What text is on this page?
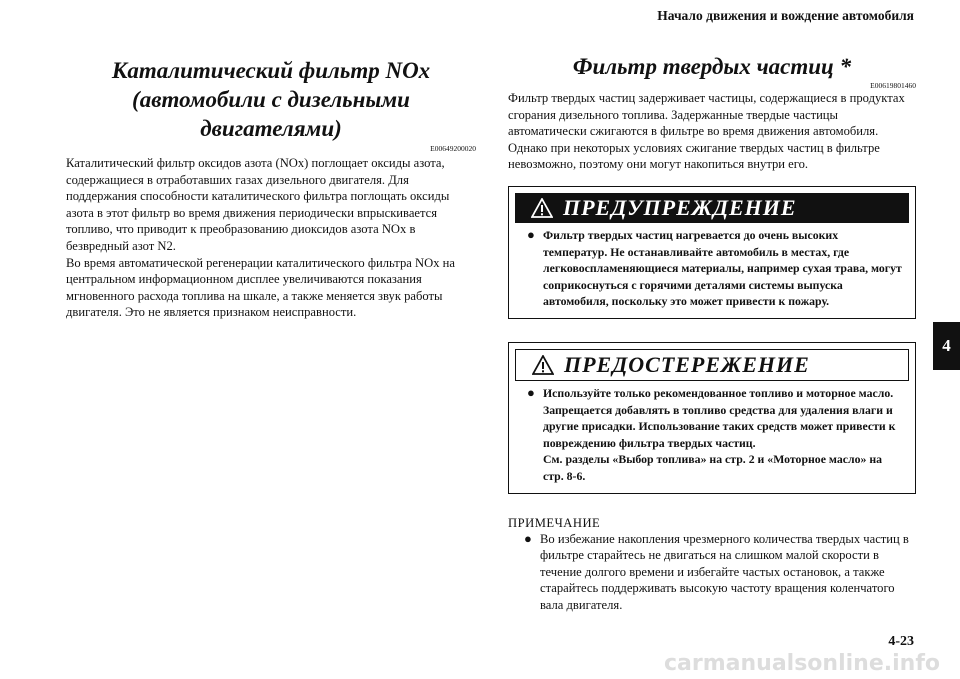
Начало движения и вождение автомобиля
4
Каталитический фильтр NOx
(автомобили с дизельными двигателями)
E00649200020

Каталитический фильтр оксидов азота (NOx) поглощает оксиды азота, содержащиеся в отработавших газах дизельного двигателя. Для поддержания способности каталитического фильтра поглощать оксиды азота в этот фильтр во время движения периодически впрыскивается топливо, что приводит к преобразованию диоксидов азота NOx в безвредный азот N2.
Во время автоматической регенерации каталитического фильтра NOx на центральном информационном дисплее увеличиваются показания мгновенного расхода топлива на шкале, а также меняется звук работы двигателя. Это не является признаком неисправности.

Фильтр твердых частиц *
E00619801460

Фильтр твердых частиц задерживает частицы, содержащиеся в продуктах сгорания дизельного топлива. Задержанные твердые частицы автоматически сжигаются в фильтре во время движения автомобиля. Однако при некоторых условиях сжигание твердых частиц в фильтре невозможно, поэтому они могут накопиться внутри его.

ПРЕДУПРЕЖДЕНИЕ
● Фильтр твердых частиц нагревается до очень высоких температур. Не останавливайте автомобиль в местах, где легковоспламеняющиеся материалы, например сухая трава, могут соприкоснуться с горячими деталями системы выпуска автомобиля, поскольку это может привести к пожару.
ПРЕДОСТЕРЕЖЕНИЕ
● Используйте только рекомендованное топливо и моторное масло. Запрещается добавлять в топливо средства для удаления влаги и другие присадки. Использование таких средств может привести к повреждению фильтра твердых частиц.
См. разделы «Выбор топлива» на стр. 2 и «Моторное масло» на стр. 8-6.
ПРИМЕЧАНИЕ
● Во избежание накопления чрезмерного количества твердых частиц в фильтре старайтесь не двигаться на слишком малой скорости в течение долгого времени и избегайте частых остановок, а также старайтесь поддерживать высокую частоту вращения коленчатого вала двигателя.
4-23
carmanualsonline.info
